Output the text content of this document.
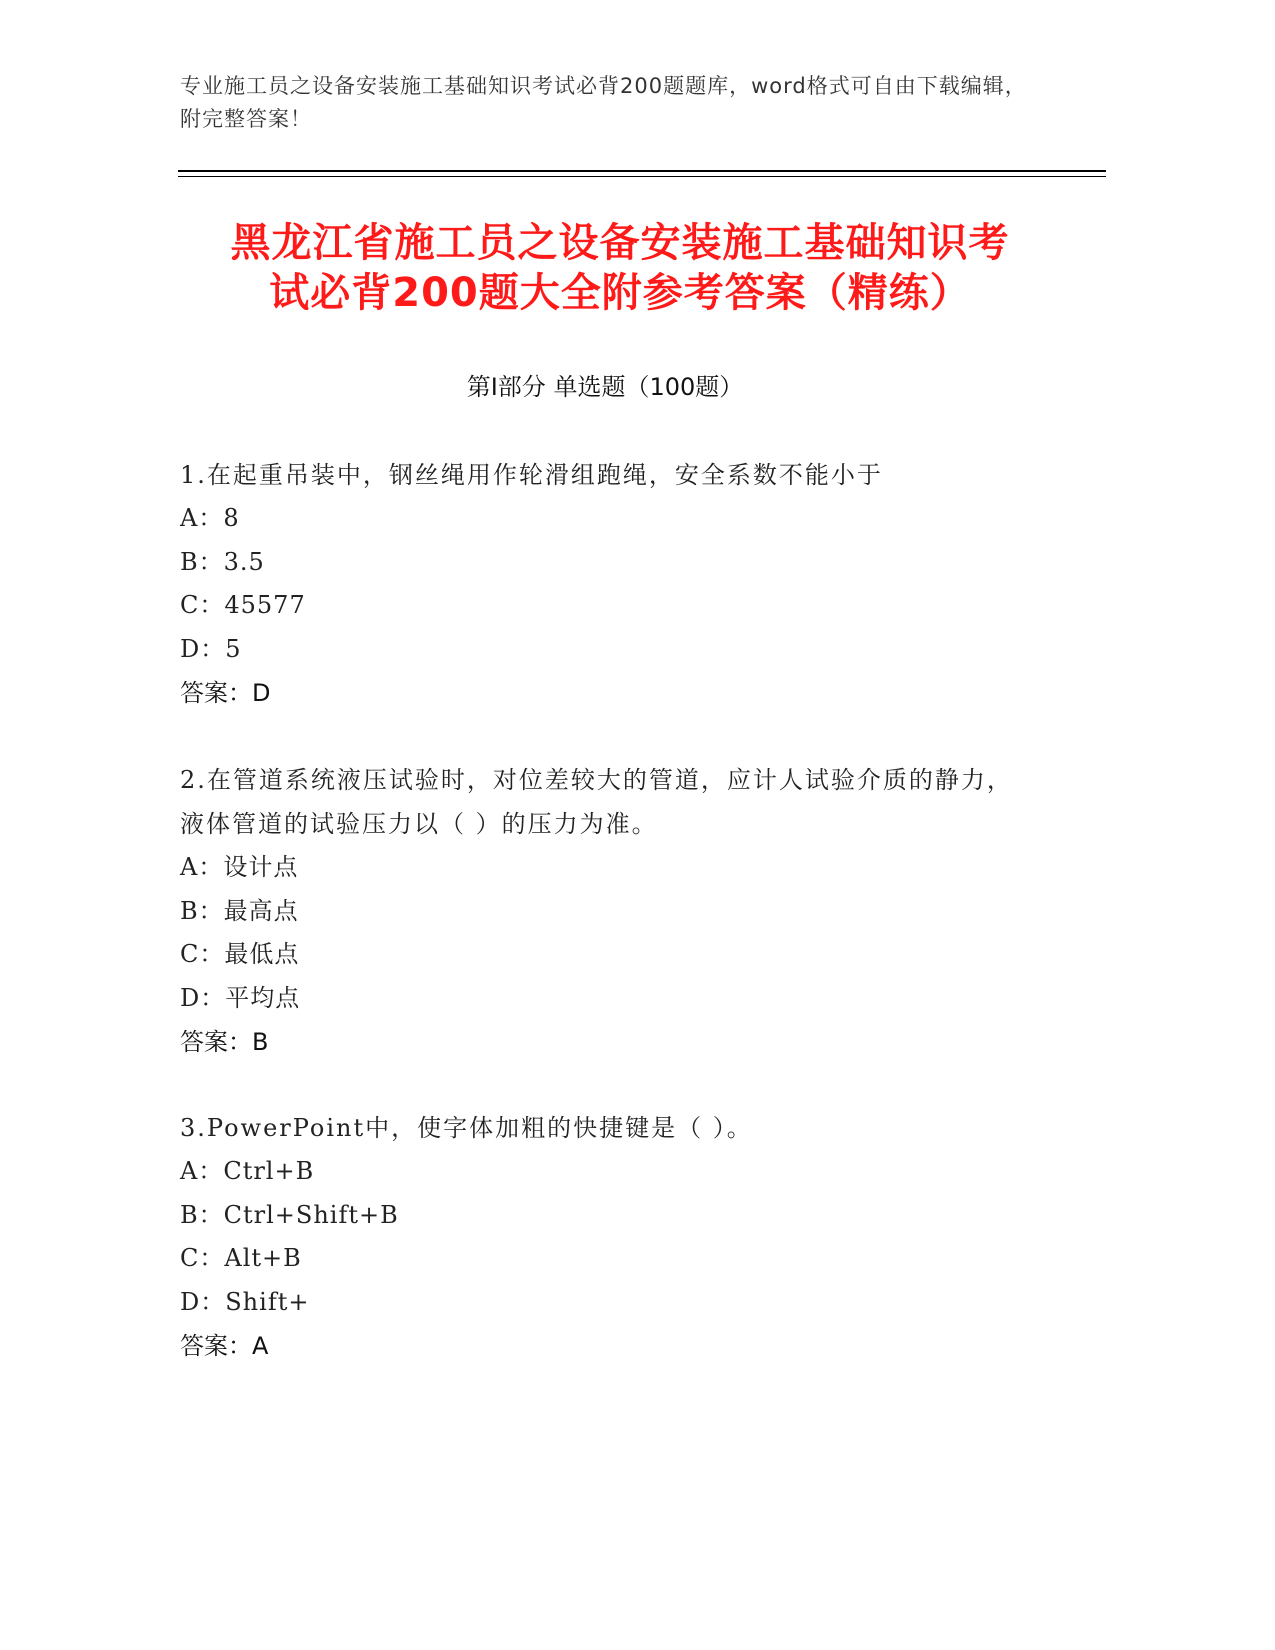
专业施工员之设备安装施工基础知识考试必背200题题库，word格式可自由下载编辑，附完整答案！
黑龙江省施工员之设备安装施工基础知识考
试必背200题大全附参考答案（精练）
第Ⅰ部分 单选题（100题）
1.在起重吊装中，钢丝绳用作轮滑组跑绳，安全系数不能小于
A：8
B：3.5
C：45577
D：5
答案：D
2.在管道系统液压试验时，对位差较大的管道，应计人试验介质的静力，液体管道的试验压力以（ ）的压力为准。
A：设计点
B：最高点
C：最低点
D：平均点
答案：B
3.PowerPoint中，使字体加粗的快捷键是（ ）。
A：Ctrl+B
B：Ctrl+Shift+B
C：Alt+B
D：Shift+
答案：A
